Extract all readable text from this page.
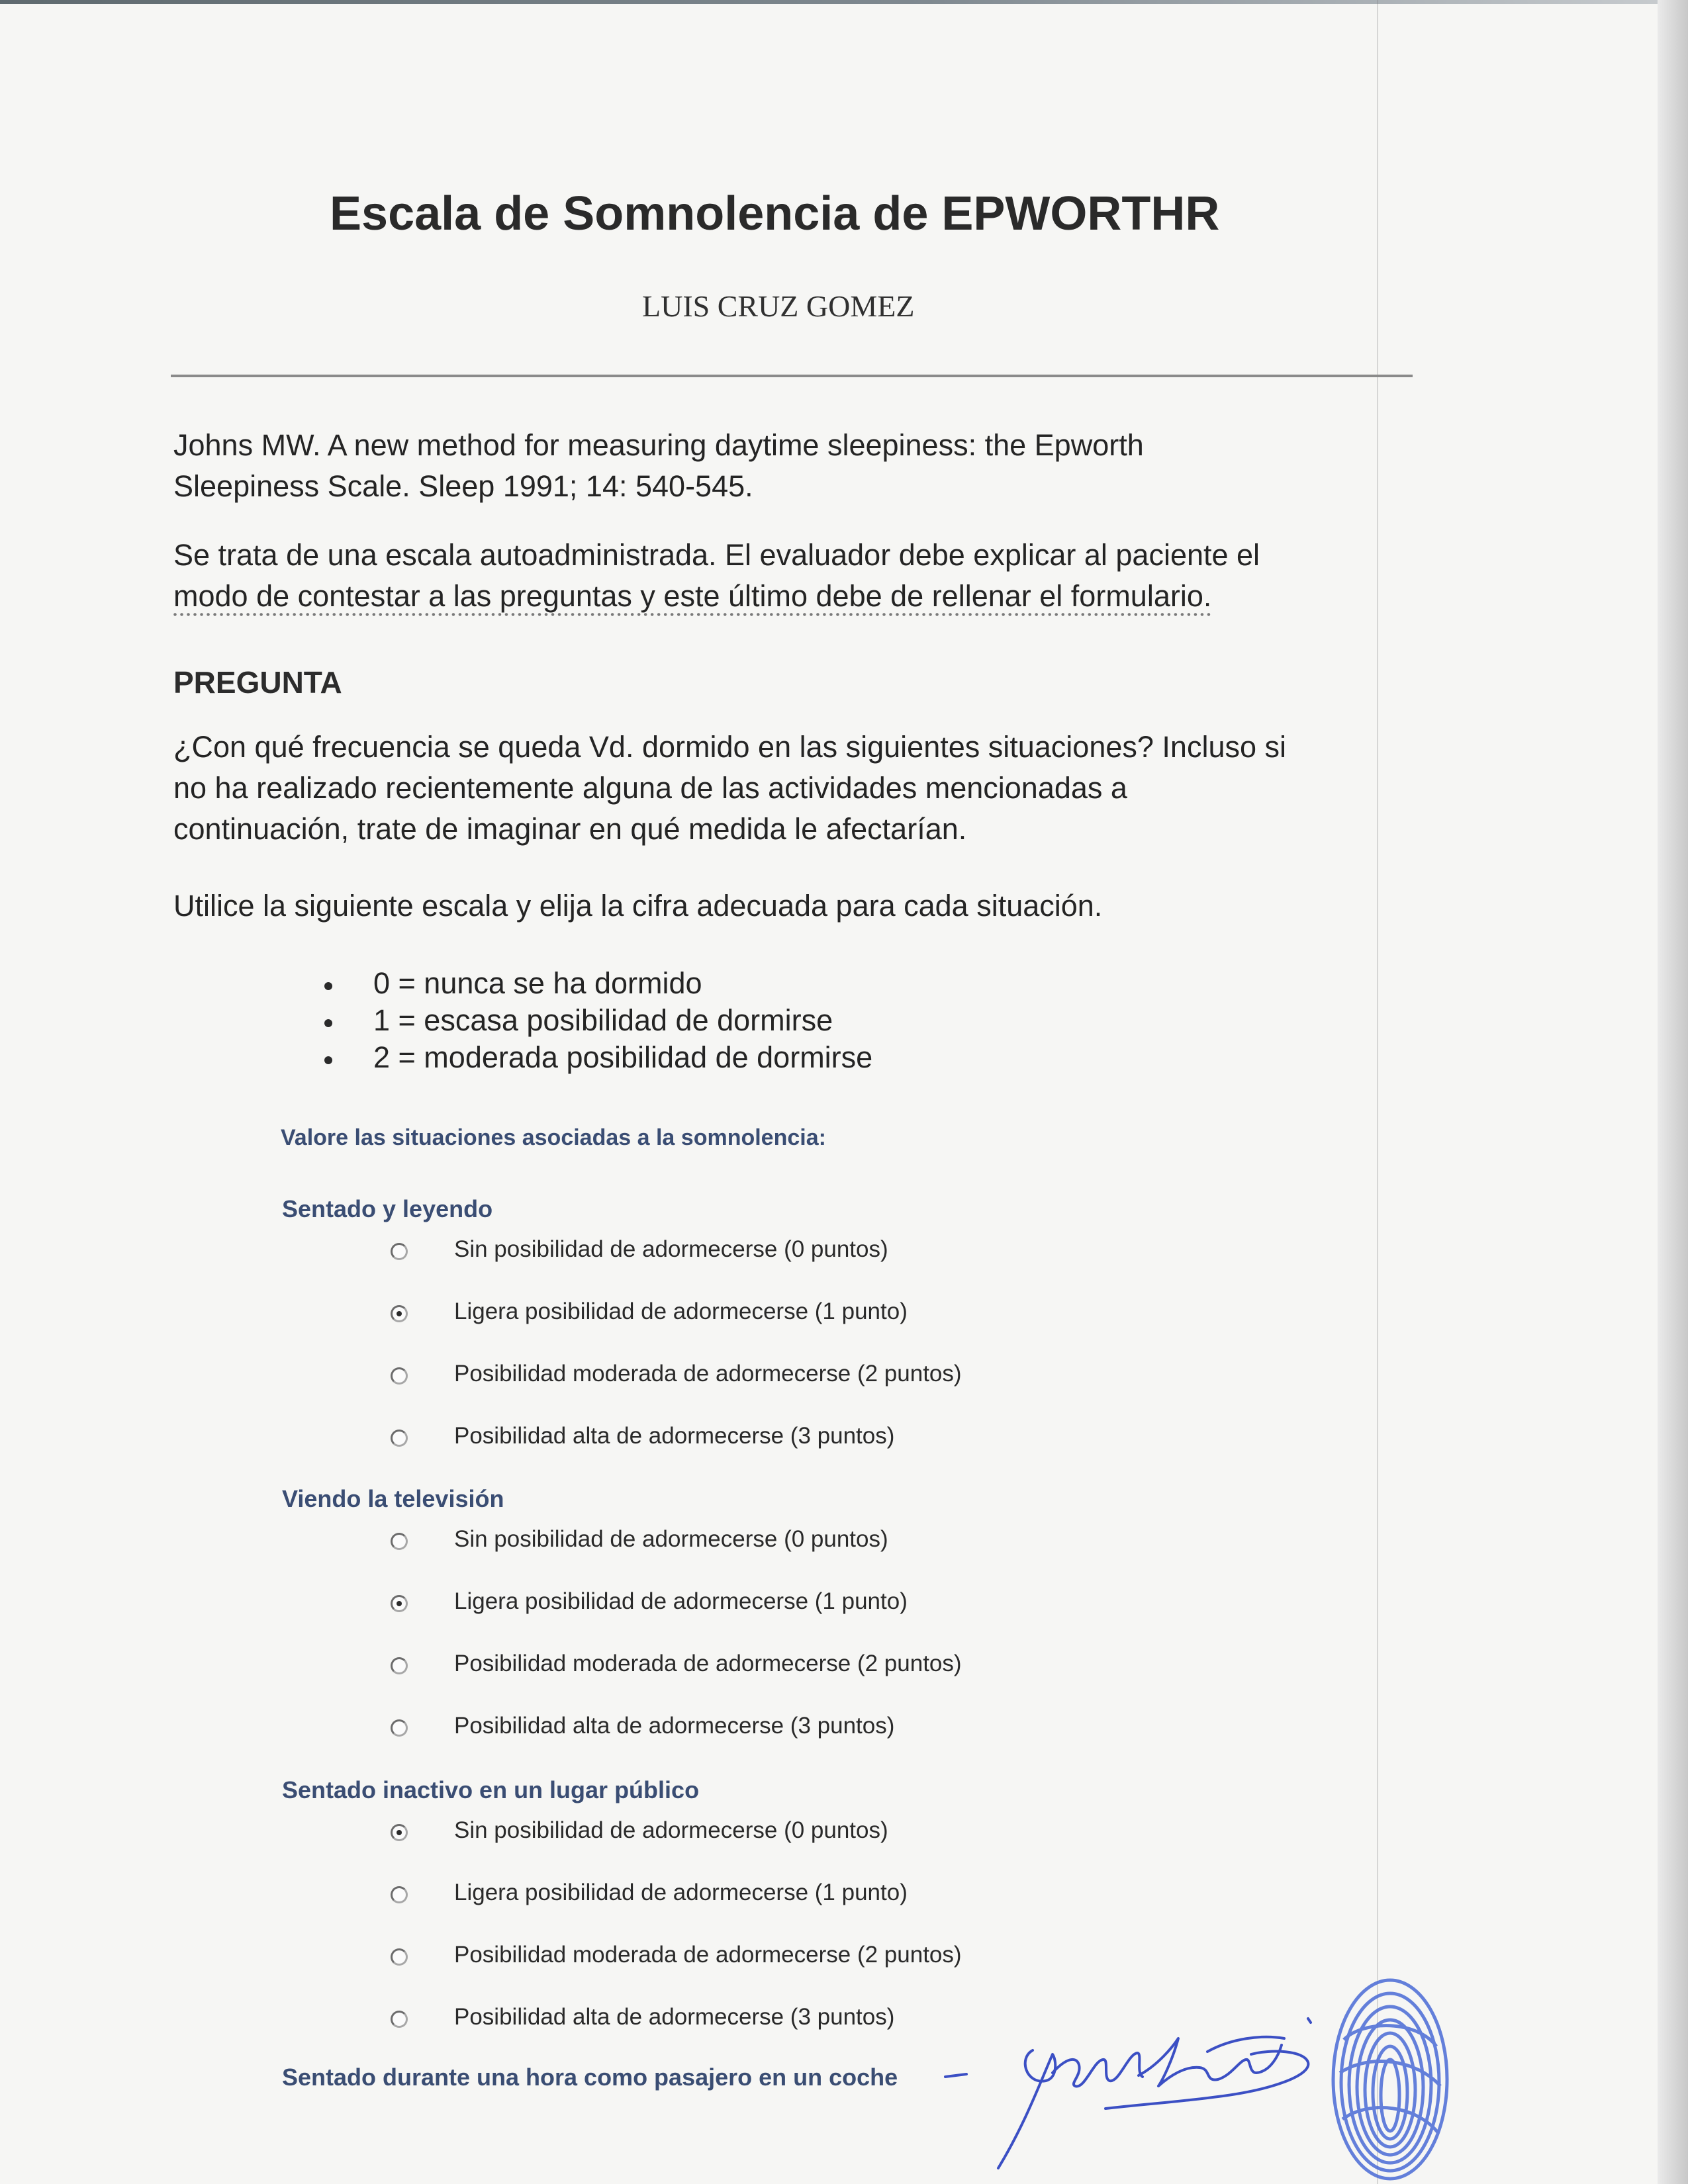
Escala de Somnolencia de EPWORTHR
LUIS CRUZ GOMEZ
Johns MW. A new method for measuring daytime sleepiness: the Epworth
Sleepiness Scale. Sleep 1991; 14: 540-545.
Se trata de una escala autoadministrada. El evaluador debe explicar al paciente el
modo de contestar a las preguntas y este último debe de rellenar el formulario.
PREGUNTA
¿Con qué frecuencia se queda Vd. dormido en las siguientes situaciones? Incluso si
no ha realizado recientemente alguna de las actividades mencionadas a
continuación, trate de imaginar en qué medida le afectarían.
Utilice la siguiente escala y elija la cifra adecuada para cada situación.
0 = nunca se ha dormido
1 = escasa posibilidad de dormirse
2 = moderada posibilidad de dormirse
Valore las situaciones asociadas a la somnolencia:
Sentado y leyendo
Sin posibilidad de adormecerse (0 puntos)
Ligera posibilidad de adormecerse (1 punto)
Posibilidad moderada de adormecerse (2 puntos)
Posibilidad alta de adormecerse (3 puntos)
Viendo la televisión
Sin posibilidad de adormecerse (0 puntos)
Ligera posibilidad de adormecerse (1 punto)
Posibilidad moderada de adormecerse (2 puntos)
Posibilidad alta de adormecerse (3 puntos)
Sentado inactivo en un lugar público
Sin posibilidad de adormecerse (0 puntos)
Ligera posibilidad de adormecerse (1 punto)
Posibilidad moderada de adormecerse (2 puntos)
Posibilidad alta de adormecerse (3 puntos)
Sentado durante una hora como pasajero en un coche
